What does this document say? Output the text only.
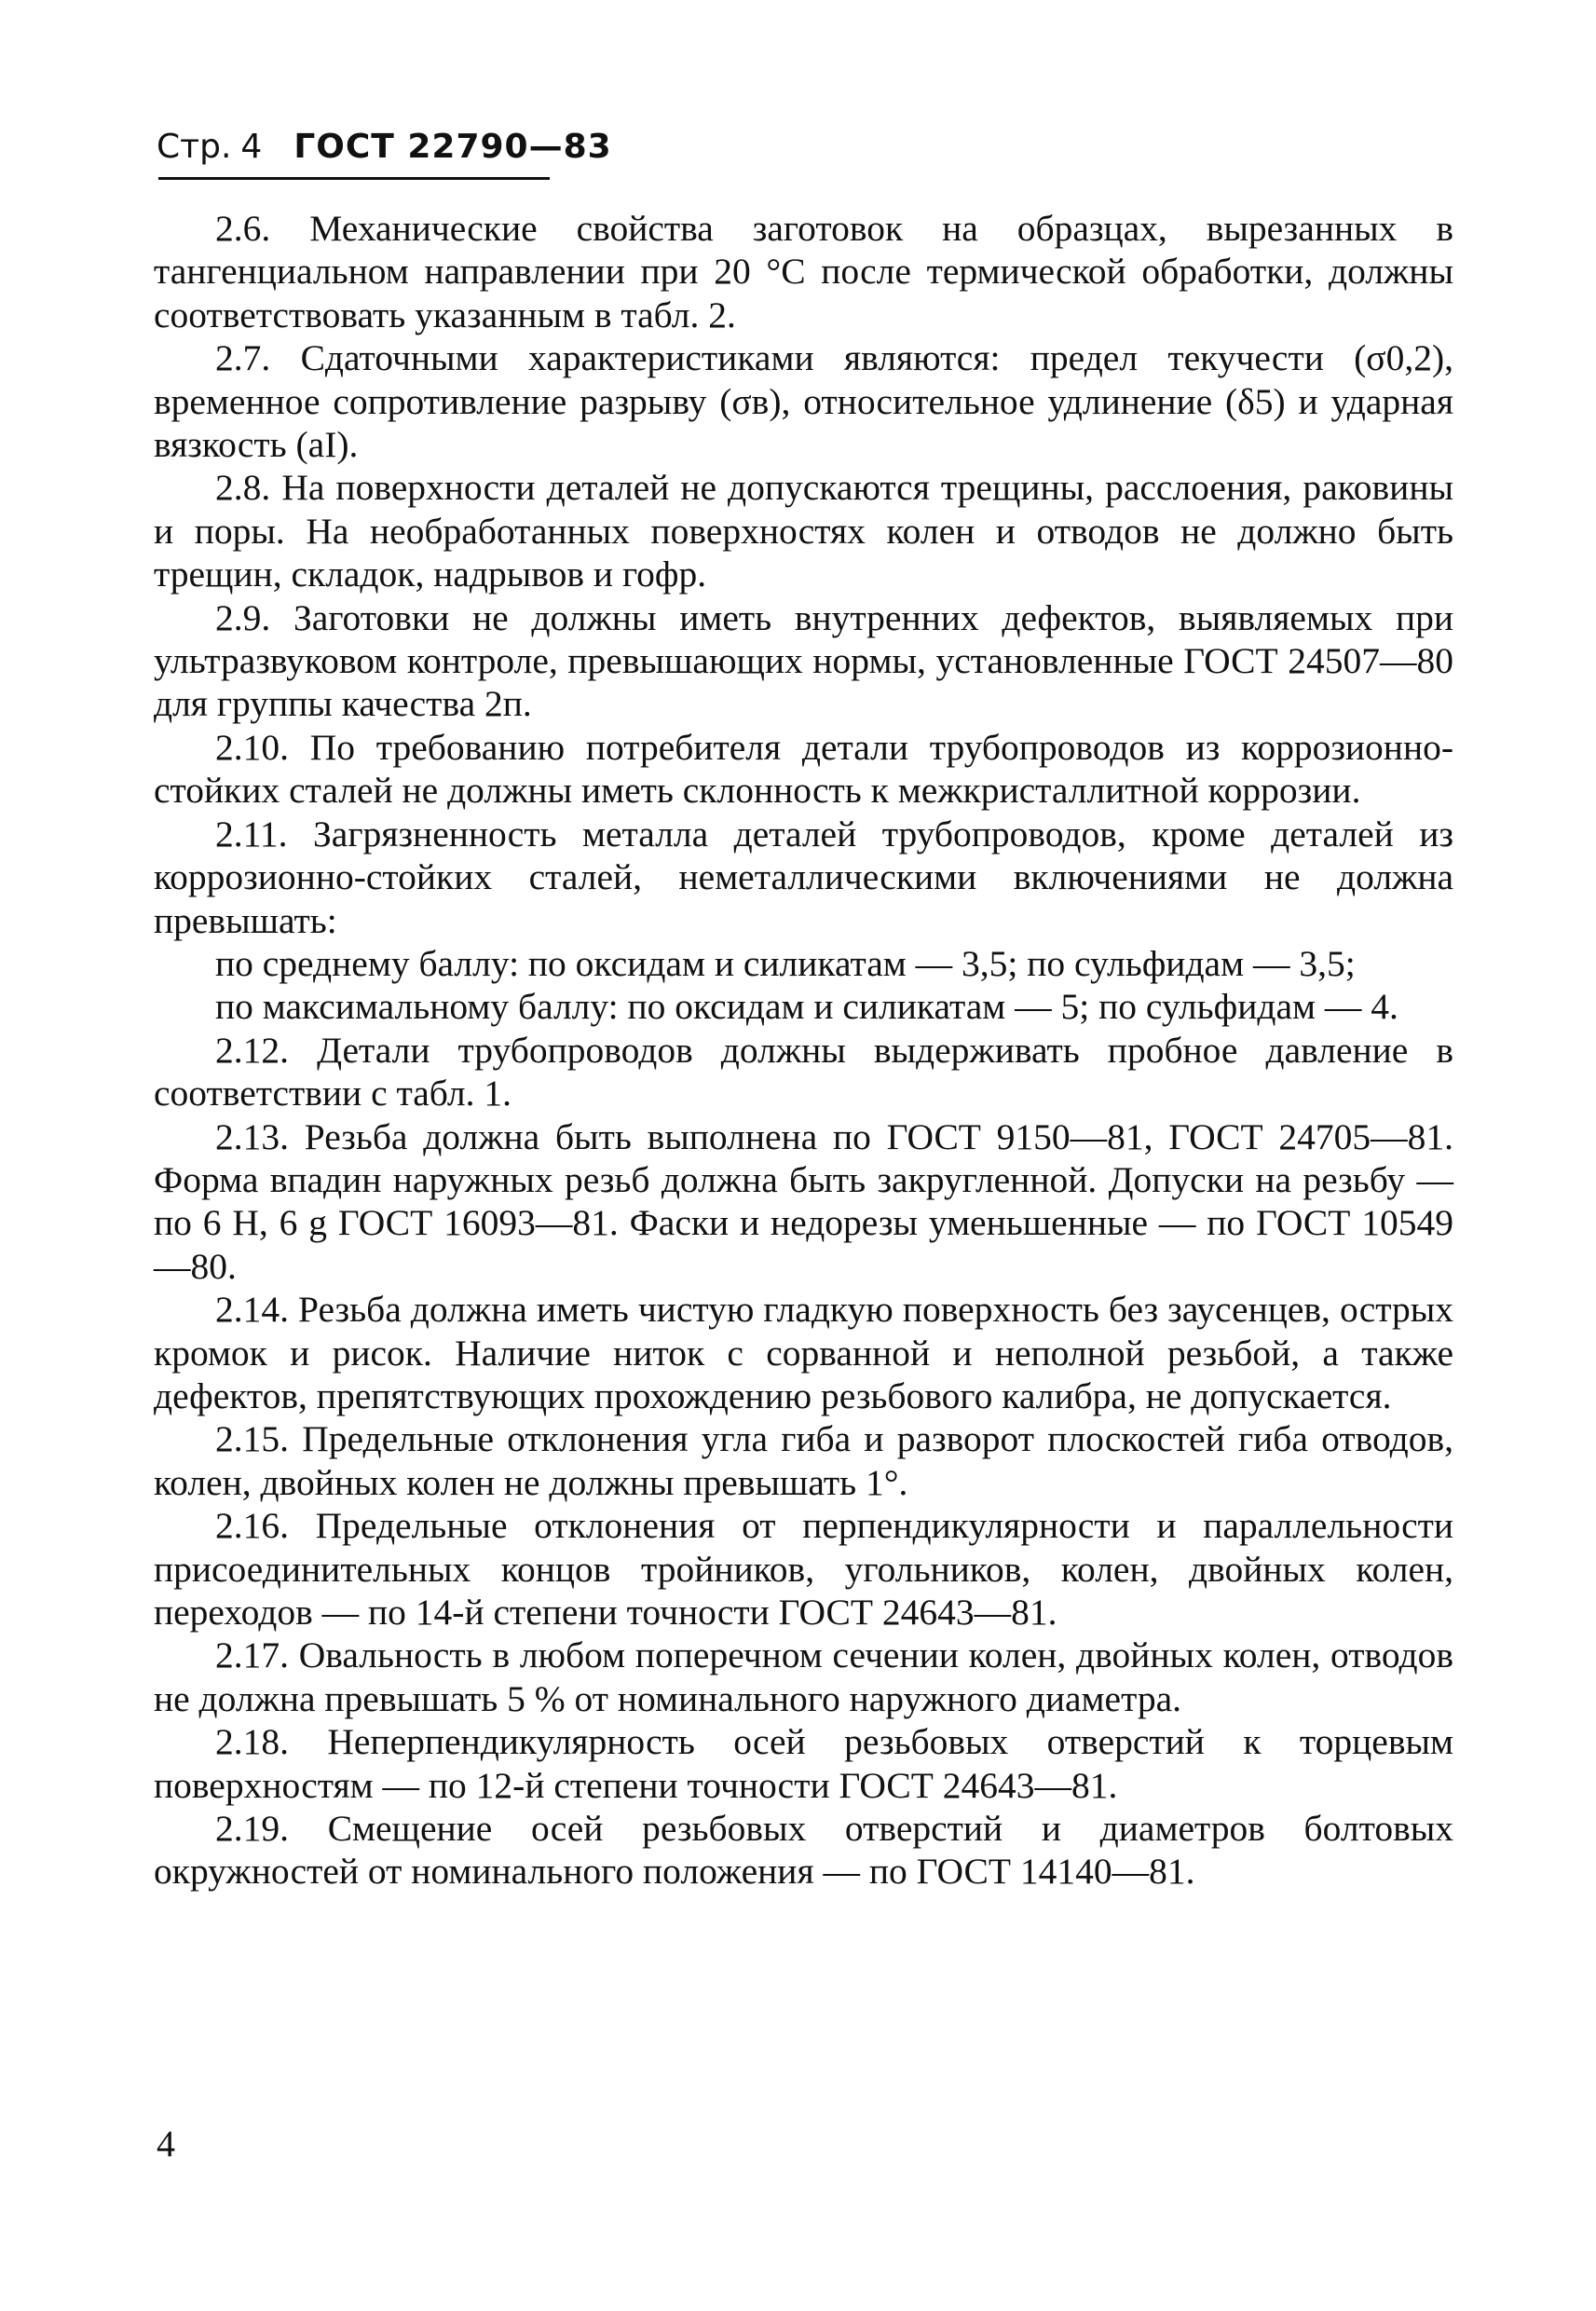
Стр. 4 ГОСТ 22790—83

2.6. Механические свойства заготовок на образцах, вырезанных в тангенциальном направлении при 20 °С после термической обработки, должны соответствовать указанным в табл. 2.

2.7. Сдаточными характеристиками являются: предел текучести (σ0,2), временное сопротивление разрыву (σв), относительное удлинение (δ5) и ударная вязкость (aI).

2.8. На поверхности деталей не допускаются трещины, расслоения, раковины и поры. На необработанных поверхностях колен и отводов не должно быть трещин, складок, надрывов и гофр.

2.9. Заготовки не должны иметь внутренних дефектов, выявляемых при ультразвуковом контроле, превышающих нормы, установленные ГОСТ 24507—80 для группы качества 2п.

2.10. По требованию потребителя детали трубопроводов из коррозионно-стойких сталей не должны иметь склонность к межкристаллитной коррозии.

2.11. Загрязненность металла деталей трубопроводов, кроме деталей из коррозионно-стойких сталей, неметаллическими включениями не должна превышать:

по среднему баллу: по оксидам и силикатам — 3,5; по сульфидам — 3,5;

по максимальному баллу: по оксидам и силикатам — 5; по сульфидам — 4.

2.12. Детали трубопроводов должны выдерживать пробное давление в соответствии с табл. 1.

2.13. Резьба должна быть выполнена по ГОСТ 9150—81, ГОСТ 24705—81. Форма впадин наружных резьб должна быть закругленной. Допуски на резьбу — по 6 Н, 6 g ГОСТ 16093—81. Фаски и недорезы уменьшенные — по ГОСТ 10549—80.

2.14. Резьба должна иметь чистую гладкую поверхность без заусенцев, острых кромок и рисок. Наличие ниток с сорванной и неполной резьбой, а также дефектов, препятствующих прохождению резьбового калибра, не допускается.

2.15. Предельные отклонения угла гиба и разворот плоскостей гиба отводов, колен, двойных колен не должны превышать 1°.

2.16. Предельные отклонения от перпендикулярности и параллельности присоединительных концов тройников, угольников, колен, двойных колен, переходов — по 14-й степени точности ГОСТ 24643—81.

2.17. Овальность в любом поперечном сечении колен, двойных колен, отводов не должна превышать 5 % от номинального наружного диаметра.

2.18. Неперпендикулярность осей резьбовых отверстий к торцевым поверхностям — по 12-й степени точности ГОСТ 24643—81.

2.19. Смещение осей резьбовых отверстий и диаметров болтовых окружностей от номинального положения — по ГОСТ 14140—81.

4
